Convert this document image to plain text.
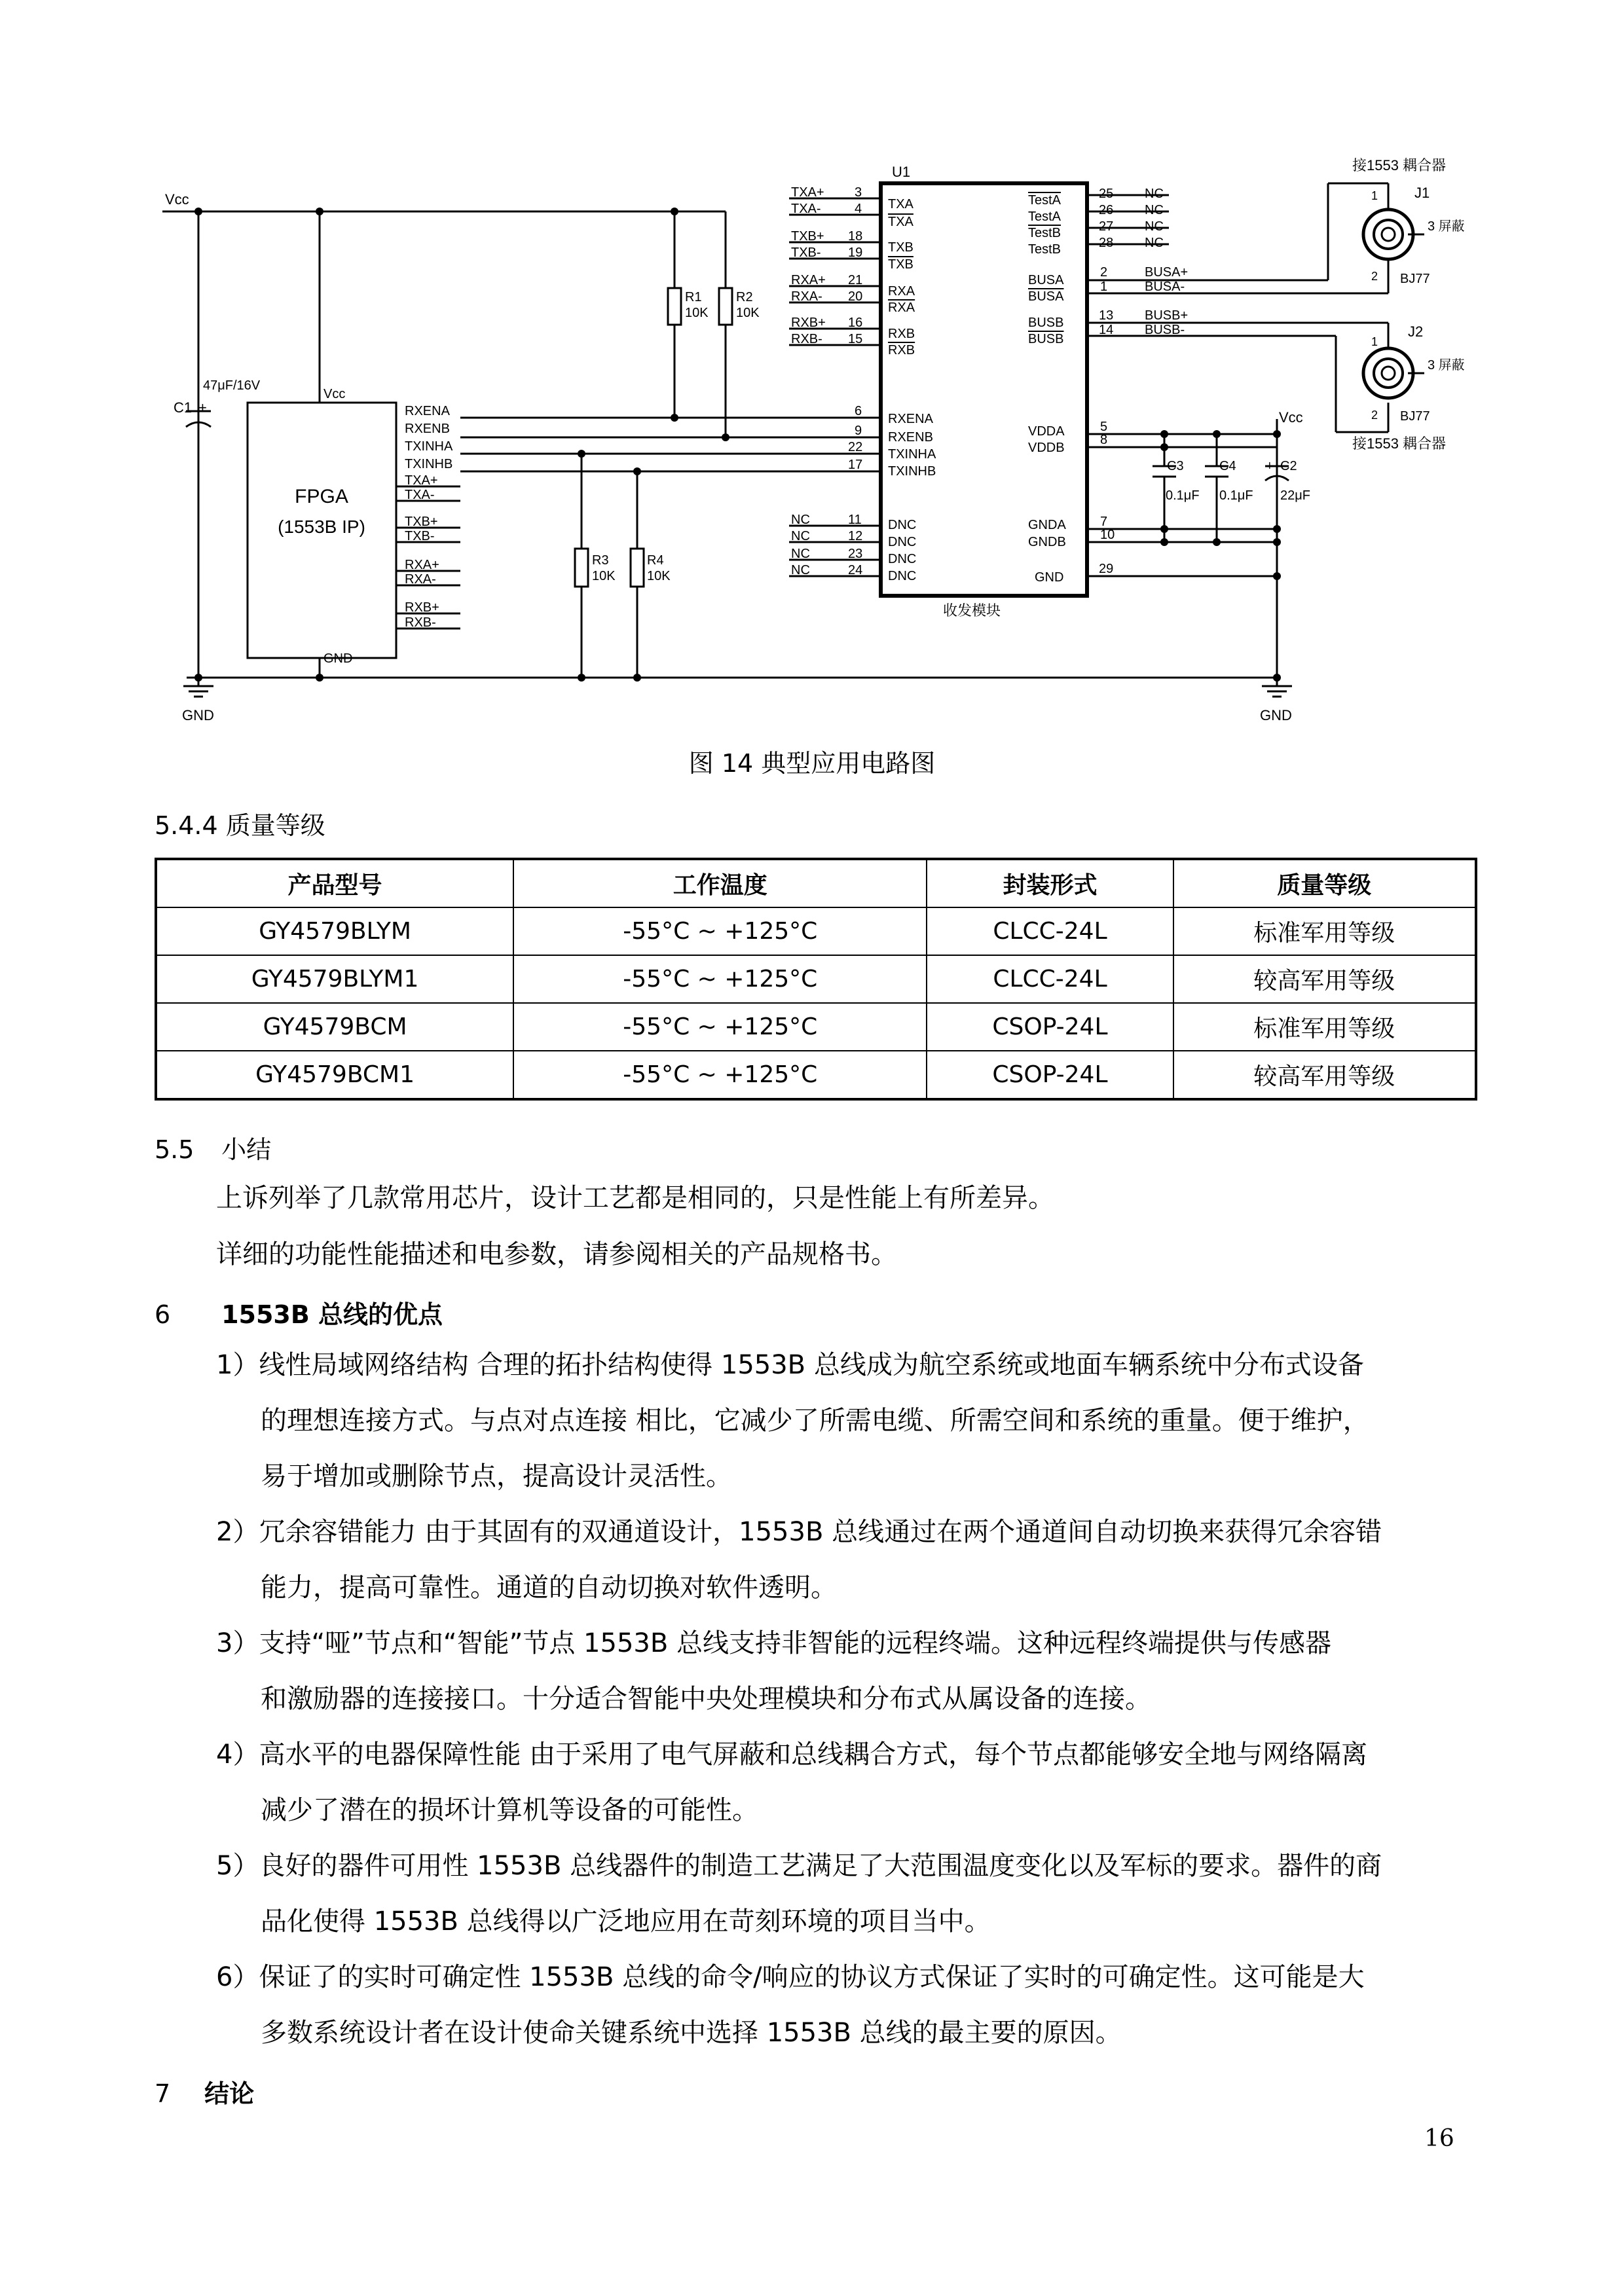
Vcc
Vcc
GND	GND
C1 +
47μF/16V
FPGA
(1553B IP)
Vcc
GND
RXENA
RXENB
TXINHA
TXINHB
TXA+
TXA-
TXB+
TXB-
RXA+
RXA-
RXB+
RXB-
R1
10K
R2
10K
R3
10K
R4
10K
U1
收发模块
TXA+ 3
TXA
TXA-	4
TXA
TXB+ 18
TXB
TXB- 19
TXB
RXA+ 21
RXA
RXA- 20
RXA
RXB+ 16
RXB
RXB- 15
RXB
6
RXENA
9 RXENB
22 TXINHA
17 TXINHB
NC	11 DNC
NC	12 DNC
NC	23 DNC
NC	24 DNC
TestA	25 NC
TestA	26 NC
TestB	27 NC
TestB	28 NC
BUSA
2	BUSA+
BUSA
1	BUSA-
BUSB	13 BUSB+
BUSB
14 BUSB-
VDDA	5
VDDB
8
GNDA	7
GNDB	10
GND
29
C3
0.1μF
C4
0.1μF
+ C2
22μF
接1553 耦合器
J1
1
2
3 屏蔽
BJ77
J2
1
2
3 屏蔽
BJ77
接1553 耦合器
图 14 典型应用电路图
5.4.4 质量等级
产品型号	工作温度	封装形式	质量等级
GY4579BLYM	-55°C ~ +125°C	CLCC-24L	标准军用等级
GY4579BLYM1	-55°C ~ +125°C	CLCC-24L	较高军用等级
GY4579BCM	-55°C ~ +125°C	CSOP-24L	标准军用等级
GY4579BCM1	-55°C ~ +125°C	CSOP-24L	较高军用等级
5.5 小结
上诉列举了几款常用芯片，设计工艺都是相同的，只是性能上有所差异。
详细的功能性能描述和电参数，请参阅相关的产品规格书。
6 1553B 总线的优点
1）线性局域网络结构 合理的拓扑结构使得 1553B 总线成为航空系统或地面车辆系统中分布式设备
的理想连接方式。与点对点连接 相比，它减少了所需电缆、所需空间和系统的重量。便于维护，
易于增加或删除节点，提高设计灵活性。
2）冗余容错能力 由于其固有的双通道设计，1553B 总线通过在两个通道间自动切换来获得冗余容错
能力，提高可靠性。通道的自动切换对软件透明。
3）支持“哑”节点和“智能”节点 1553B 总线支持非智能的远程终端。这种远程终端提供与传感器
和激励器的连接接口。十分适合智能中央处理模块和分布式从属设备的连接。
4）高水平的电器保障性能 由于采用了电气屏蔽和总线耦合方式，每个节点都能够安全地与网络隔离
减少了潜在的损坏计算机等设备的可能性。
5）良好的器件可用性 1553B 总线器件的制造工艺满足了大范围温度变化以及军标的要求。器件的商
品化使得 1553B 总线得以广泛地应用在苛刻环境的项目当中。
6）保证了的实时可确定性 1553B 总线的命令/响应的协议方式保证了实时的可确定性。这可能是大
多数系统设计者在设计使命关键系统中选择 1553B 总线的最主要的原因。
7 结论
16
